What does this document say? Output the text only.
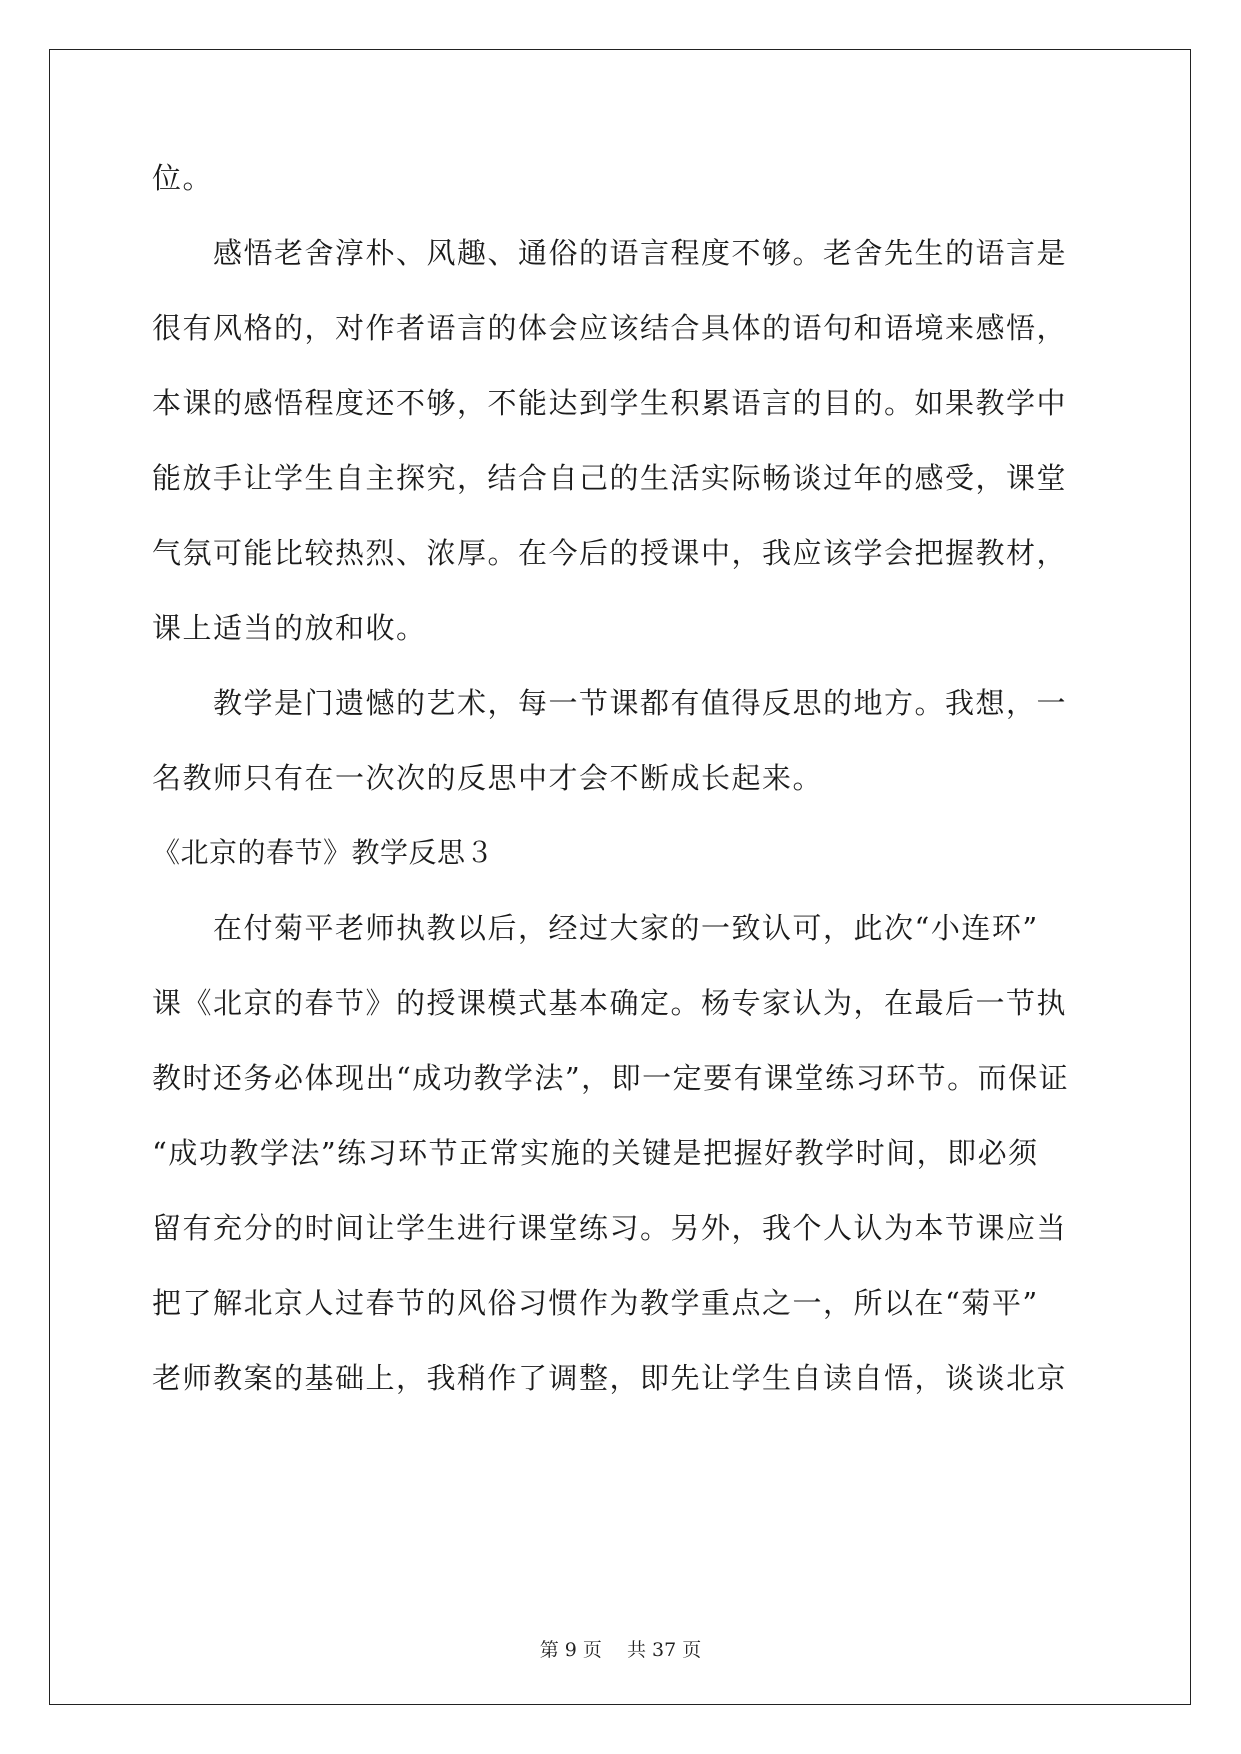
位。
　　感悟老舍淳朴、风趣、通俗的语言程度不够。老舍先生的语言是
很有风格的，对作者语言的体会应该结合具体的语句和语境来感悟，
本课的感悟程度还不够，不能达到学生积累语言的目的。如果教学中
能放手让学生自主探究，结合自己的生活实际畅谈过年的感受，课堂
气氛可能比较热烈、浓厚。在今后的授课中，我应该学会把握教材，
课上适当的放和收。
　　教学是门遗憾的艺术，每一节课都有值得反思的地方。我想，一
名教师只有在一次次的反思中才会不断成长起来。
《北京的春节》教学反思３
　　在付菊平老师执教以后，经过大家的一致认可，此次“小连环”
课《北京的春节》的授课模式基本确定。杨专家认为，在最后一节执
教时还务必体现出“成功教学法”，即一定要有课堂练习环节。而保证
“成功教学法”练习环节正常实施的关键是把握好教学时间，即必须
留有充分的时间让学生进行课堂练习。另外，我个人认为本节课应当
把了解北京人过春节的风俗习惯作为教学重点之一，所以在“菊平”
老师教案的基础上，我稍作了调整，即先让学生自读自悟，谈谈北京
第 9 页　 共 37 页
